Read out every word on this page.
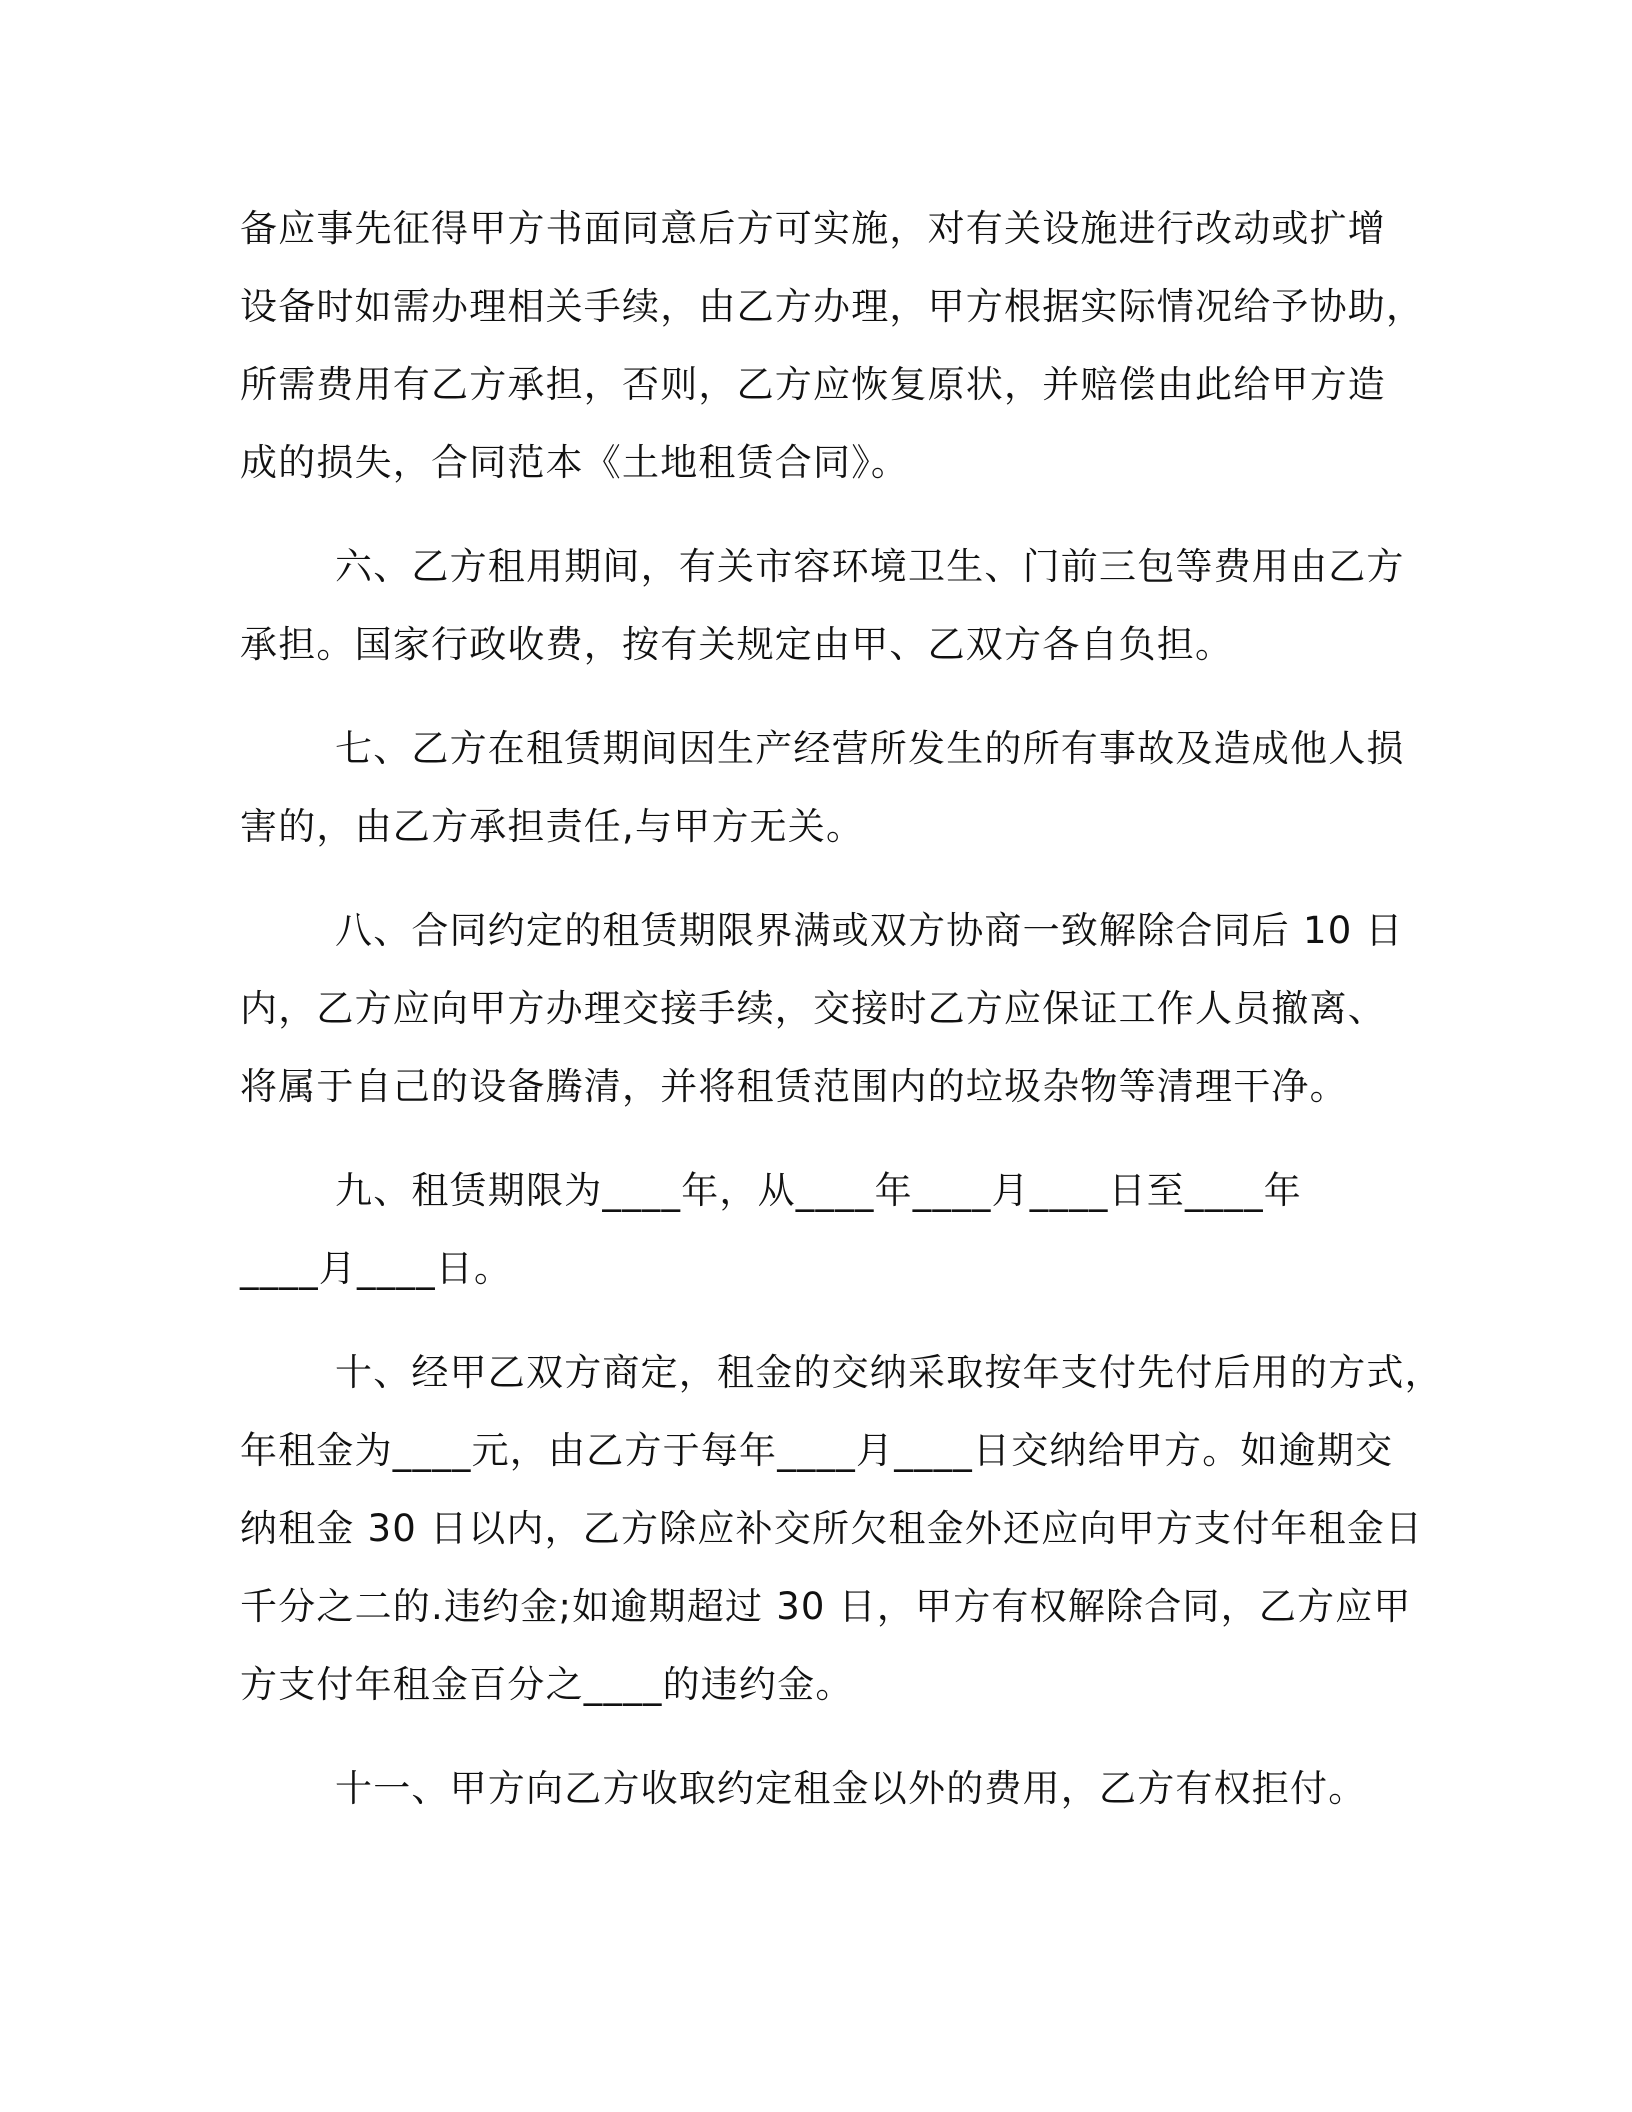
备应事先征得甲方书面同意后方可实施，对有关设施进行改动或扩增
设备时如需办理相关手续，由乙方办理，甲方根据实际情况给予协助，
所需费用有乙方承担，否则，乙方应恢复原状，并赔偿由此给甲方造
成的损失，合同范本《土地租赁合同》。
六、乙方租用期间，有关市容环境卫生、门前三包等费用由乙方
承担。国家行政收费，按有关规定由甲、乙双方各自负担。
七、乙方在租赁期间因生产经营所发生的所有事故及造成他人损
害的，由乙方承担责任,与甲方无关。
八、合同约定的租赁期限界满或双方协商一致解除合同后 10 日
内，乙方应向甲方办理交接手续，交接时乙方应保证工作人员撤离、
将属于自己的设备腾清，并将租赁范围内的垃圾杂物等清理干净。
九、租赁期限为____年，从____年____月____日至____年
____月____日。
十、经甲乙双方商定，租金的交纳采取按年支付先付后用的方式，
年租金为____元，由乙方于每年____月____日交纳给甲方。如逾期交
纳租金 30 日以内，乙方除应补交所欠租金外还应向甲方支付年租金日
千分之二的.违约金;如逾期超过 30 日，甲方有权解除合同，乙方应甲
方支付年租金百分之____的违约金。
十一、甲方向乙方收取约定租金以外的费用，乙方有权拒付。
